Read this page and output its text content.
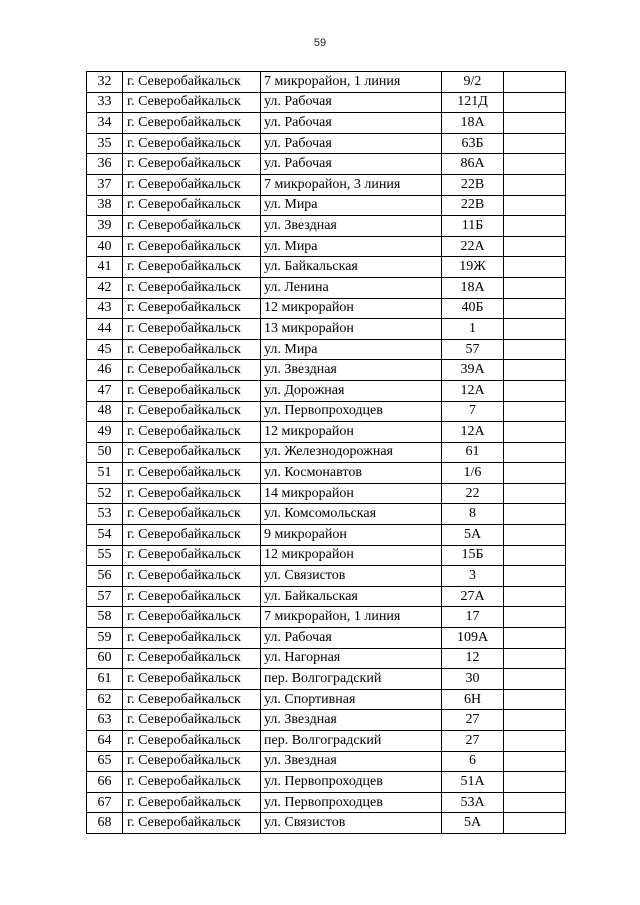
59
32	г. Северобайкальск	7 микрорайон, 1 линия	9/2	
33	г. Северобайкальск	ул. Рабочая	121Д	
34	г. Северобайкальск	ул. Рабочая	18А	
35	г. Северобайкальск	ул. Рабочая	63Б	
36	г. Северобайкальск	ул. Рабочая	86А	
37	г. Северобайкальск	7 микрорайон, 3 линия	22В	
38	г. Северобайкальск	ул. Мира	22В	
39	г. Северобайкальск	ул. Звездная	11Б	
40	г. Северобайкальск	ул. Мира	22А	
41	г. Северобайкальск	ул. Байкальская	19Ж	
42	г. Северобайкальск	ул. Ленина	18А	
43	г. Северобайкальск	12 микрорайон	40Б	
44	г. Северобайкальск	13 микрорайон	1	
45	г. Северобайкальск	ул. Мира	57	
46	г. Северобайкальск	ул. Звездная	39А	
47	г. Северобайкальск	ул. Дорожная	12А	
48	г. Северобайкальск	ул. Первопроходцев	7	
49	г. Северобайкальск	12 микрорайон	12А	
50	г. Северобайкальск	ул. Железнодорожная	61	
51	г. Северобайкальск	ул. Космонавтов	1/6	
52	г. Северобайкальск	14 микрорайон	22	
53	г. Северобайкальск	ул. Комсомольская	8	
54	г. Северобайкальск	9 микрорайон	5А	
55	г. Северобайкальск	12 микрорайон	15Б	
56	г. Северобайкальск	ул. Связистов	3	
57	г. Северобайкальск	ул. Байкальская	27А	
58	г. Северобайкальск	7 микрорайон, 1 линия	17	
59	г. Северобайкальск	ул. Рабочая	109А	
60	г. Северобайкальск	ул. Нагорная	12	
61	г. Северобайкальск	пер. Волгоградский	30	
62	г. Северобайкальск	ул. Спортивная	6Н	
63	г. Северобайкальск	ул. Звездная	27	
64	г. Северобайкальск	пер. Волгоградский	27	
65	г. Северобайкальск	ул. Звездная	6	
66	г. Северобайкальск	ул. Первопроходцев	51А	
67	г. Северобайкальск	ул. Первопроходцев	53А	
68	г. Северобайкальск	ул. Связистов	5А	
